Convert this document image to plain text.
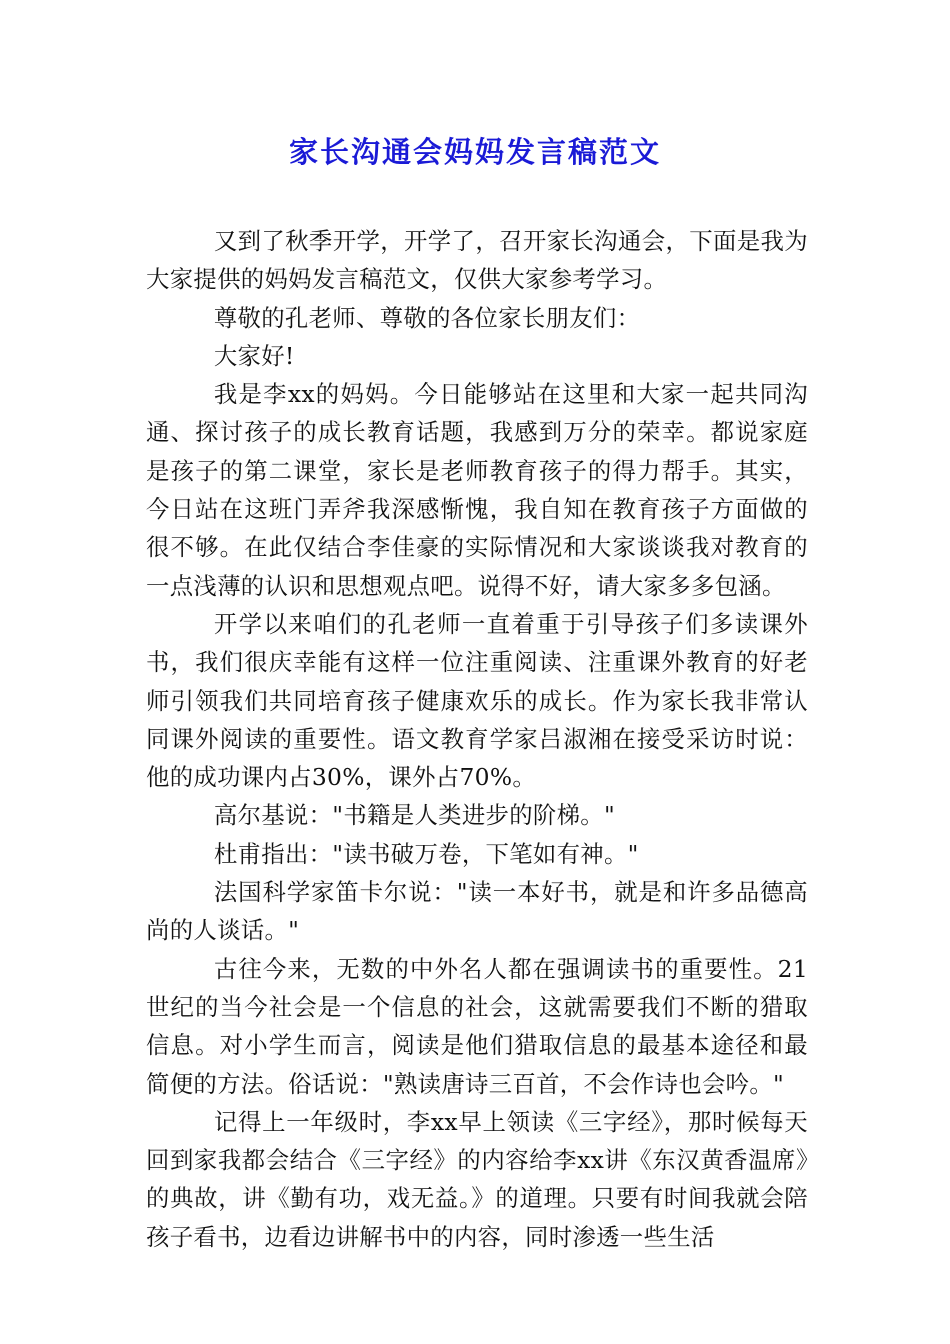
家长沟通会妈妈发言稿范文

又到了秋季开学，开学了，召开家长沟通会，下面是我为大家提供的妈妈发言稿范文，仅供大家参考学习。

尊敬的孔老师、尊敬的各位家长朋友们：

大家好!

我是李xx的妈妈。今日能够站在这里和大家一起共同沟通、探讨孩子的成长教育话题，我感到万分的荣幸。都说家庭是孩子的第二课堂，家长是老师教育孩子的得力帮手。其实，今日站在这班门弄斧我深感惭愧，我自知在教育孩子方面做的很不够。在此仅结合李佳豪的实际情况和大家谈谈我对教育的一点浅薄的认识和思想观点吧。说得不好，请大家多多包涵。

开学以来咱们的孔老师一直着重于引导孩子们多读课外书，我们很庆幸能有这样一位注重阅读、注重课外教育的好老师引领我们共同培育孩子健康欢乐的成长。作为家长我非常认同课外阅读的重要性。语文教育学家吕淑湘在接受采访时说：他的成功课内占30%，课外占70%。

高尔基说："书籍是人类进步的阶梯。"

杜甫指出："读书破万卷，下笔如有神。"

法国科学家笛卡尔说："读一本好书，就是和许多品德高尚的人谈话。"

古往今来，无数的中外名人都在强调读书的重要性。21世纪的当今社会是一个信息的社会，这就需要我们不断的猎取信息。对小学生而言，阅读是他们猎取信息的最基本途径和最简便的方法。俗话说："熟读唐诗三百首，不会作诗也会吟。"

记得上一年级时，李xx早上领读《三字经》，那时候每天回到家我都会结合《三字经》的内容给李xx讲《东汉黄香温席》的典故，讲《勤有功，戏无益。》的道理。只要有时间我就会陪孩子看书，边看边讲解书中的内容，同时渗透一些生活
